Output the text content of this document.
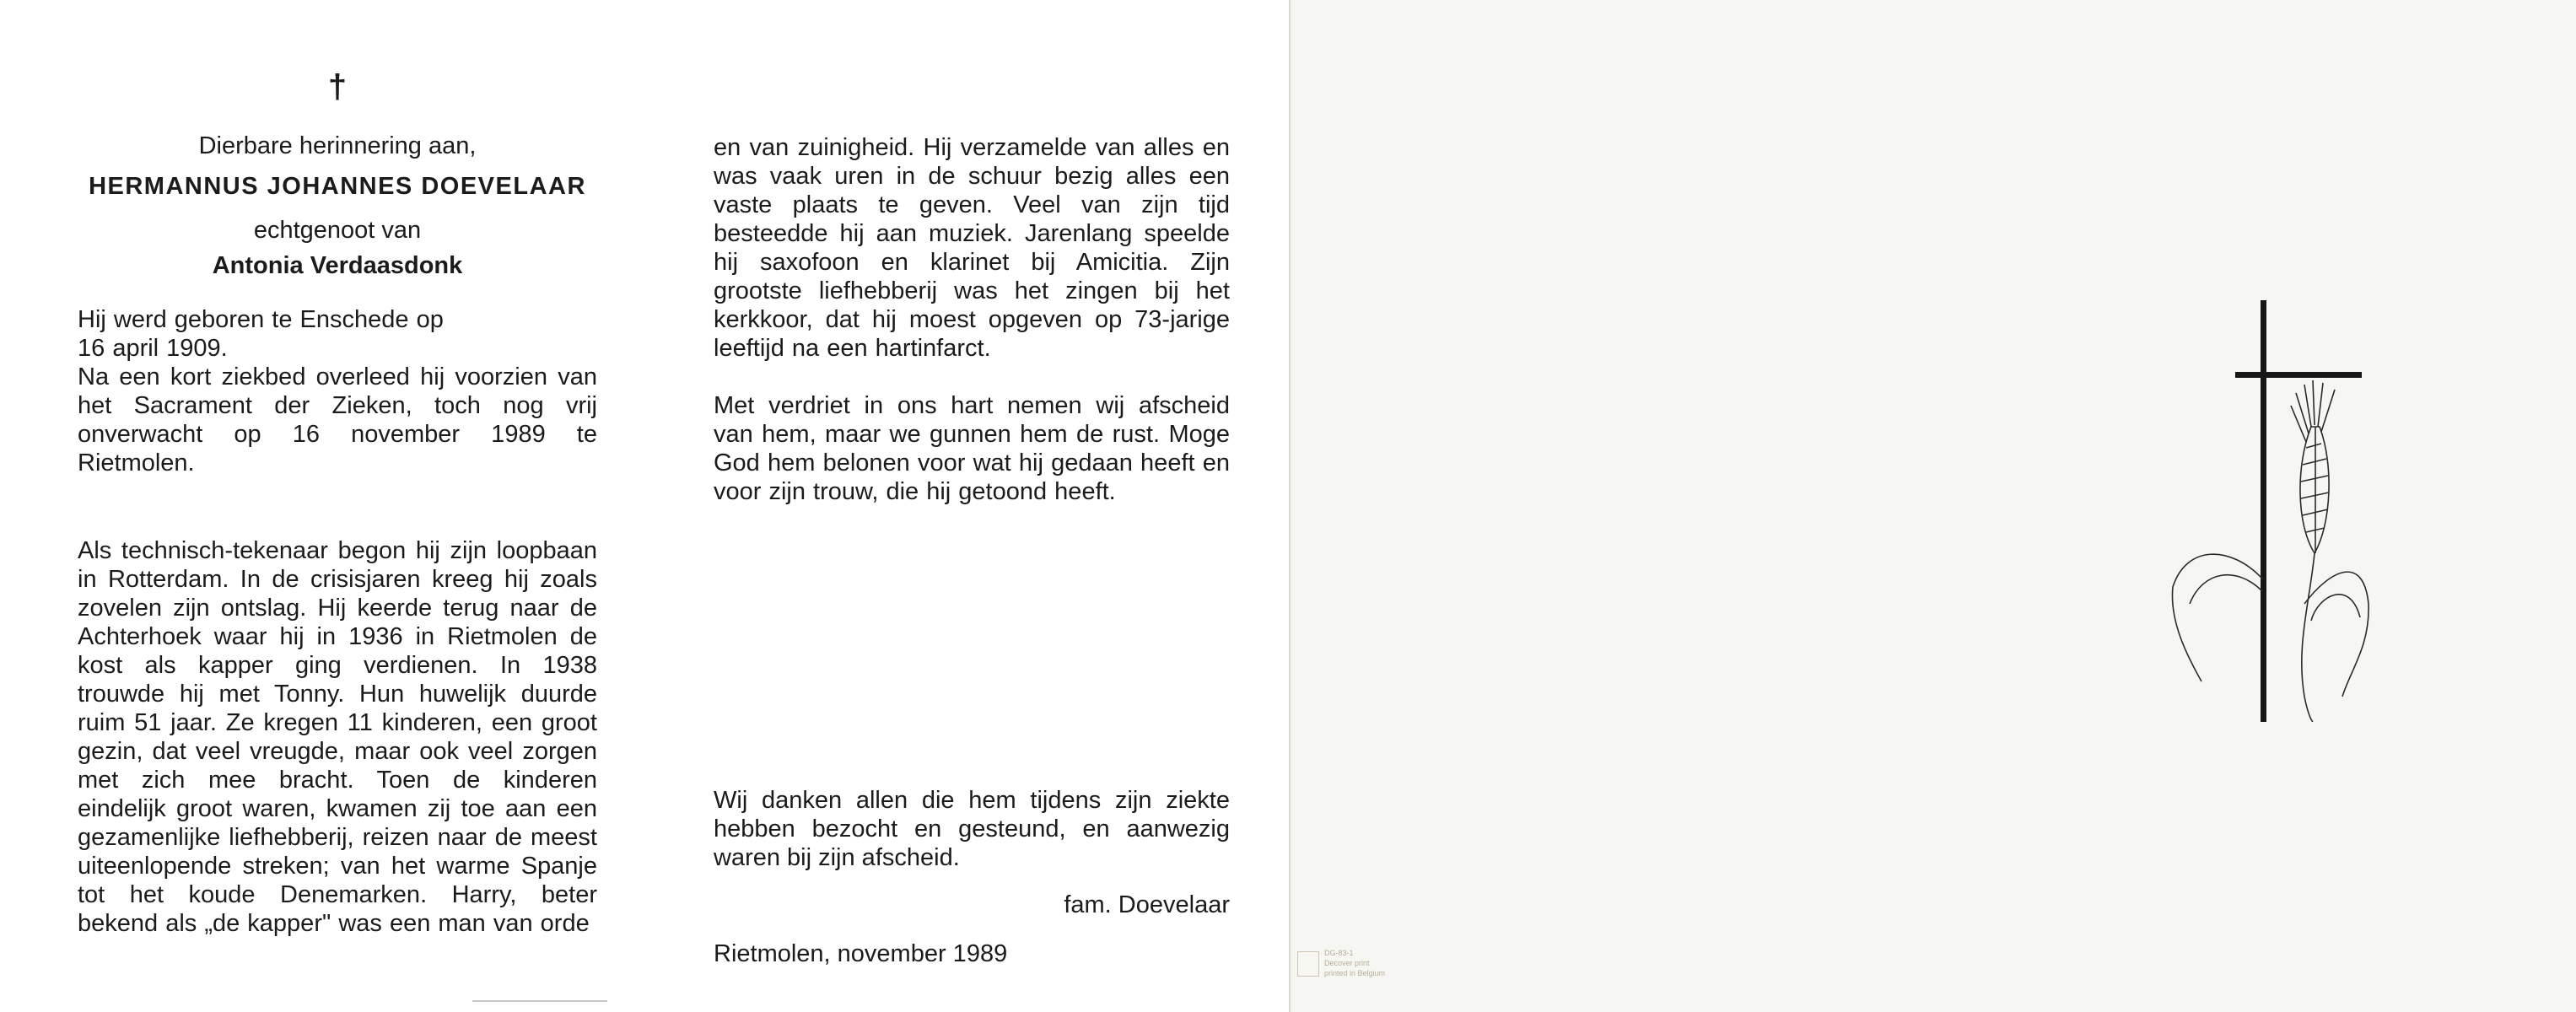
†
Dierbare herinnering aan,
HERMANNUS JOHANNES DOEVELAAR
echtgenoot van
Antonia Verdaasdonk

Hij werd geboren te Enschede op

16 april 1909.

Na een kort ziekbed overleed hij voorzien van het Sacrament der Zieken, toch nog vrij onverwacht op 16 november 1989 te Rietmolen.

Als technisch-tekenaar begon hij zijn loopbaan in Rotterdam. In de crisisjaren kreeg hij zoals zovelen zijn ontslag. Hij keerde terug naar de Achterhoek waar hij in 1936 in Rietmolen de kost als kapper ging verdienen. In 1938 trouwde hij met Tonny. Hun huwelijk duurde ruim 51 jaar. Ze kregen 11 kinderen, een groot gezin, dat veel vreugde, maar ook veel zorgen met zich mee bracht. Toen de kinderen eindelijk groot waren, kwamen zij toe aan een gezamenlijke liefhebberij, reizen naar de meest uiteenlopende streken; van het warme Spanje tot het koude Denemarken. Harry, beter bekend als „de kapper" was een man van orde

en van zuinigheid. Hij verzamelde van alles en was vaak uren in de schuur bezig alles een vaste plaats te geven. Veel van zijn tijd besteedde hij aan muziek. Jarenlang speelde hij saxofoon en klarinet bij Amicitia. Zijn grootste liefhebberij was het zingen bij het kerkkoor, dat hij moest opgeven op 73-jarige leeftijd na een hartinfarct.

Met verdriet in ons hart nemen wij afscheid van hem, maar we gunnen hem de rust. Moge God hem belonen voor wat hij gedaan heeft en voor zijn trouw, die hij getoond heeft.

Wij danken allen die hem tijdens zijn ziekte hebben bezocht en gesteund, en aanwezig waren bij zijn afscheid.
fam. Doevelaar
Rietmolen, november 1989	DG-83-1
Decover print
printed in Belgium
